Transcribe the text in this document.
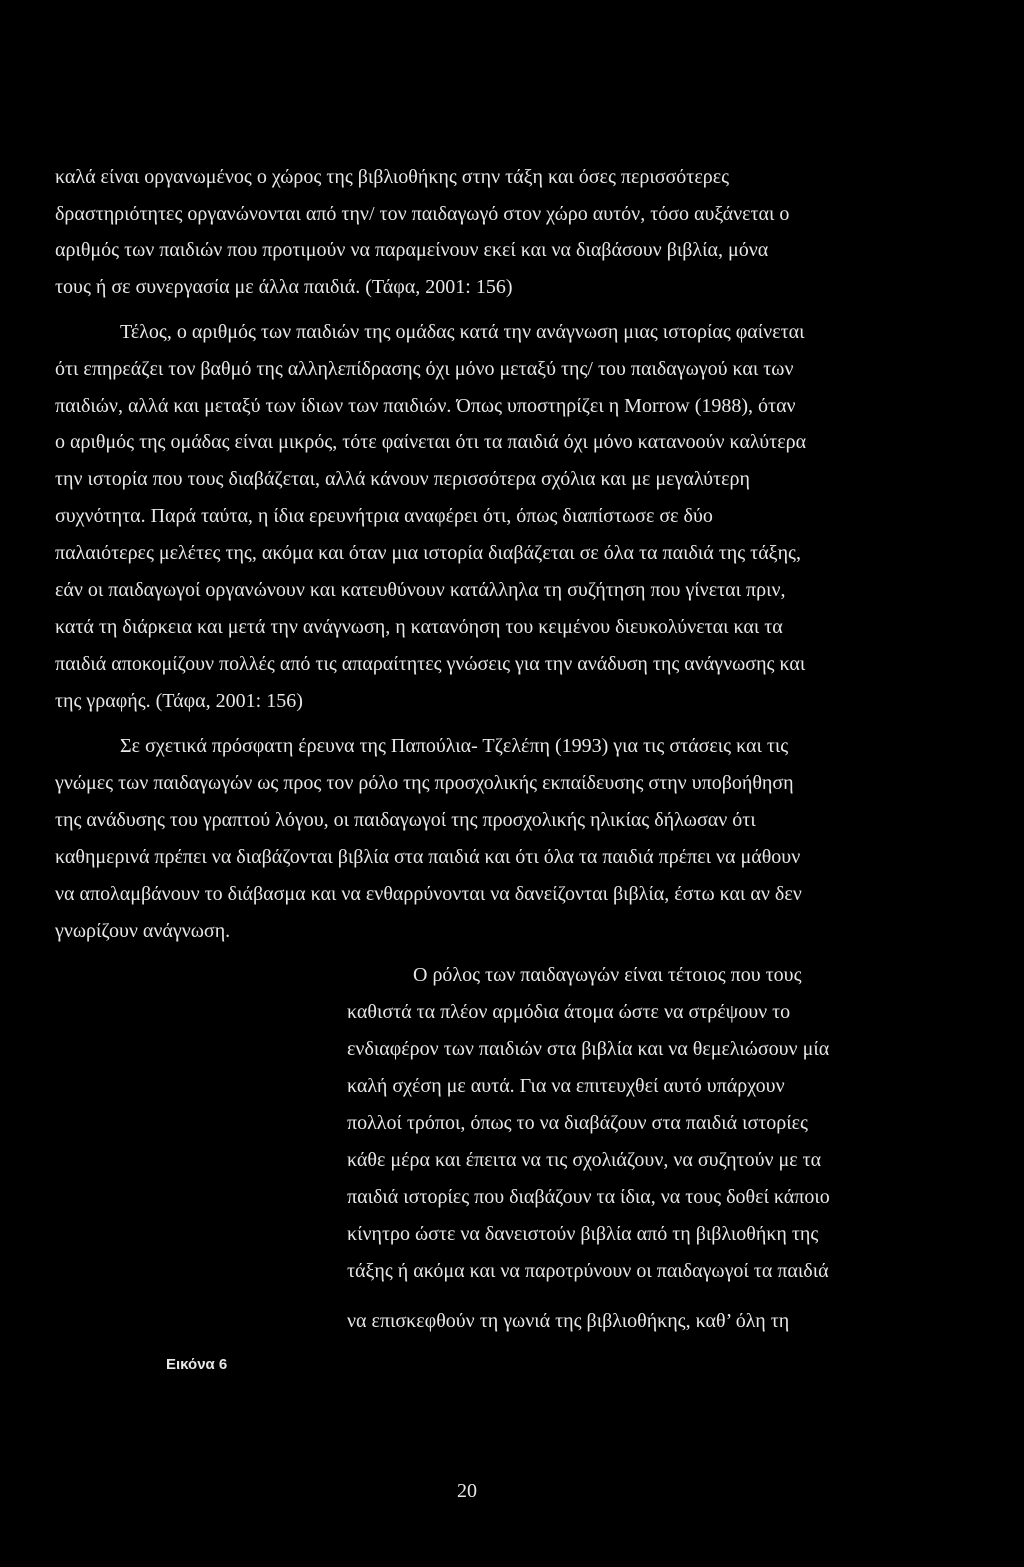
καλά είναι οργανωμένος ο χώρος της βιβλιοθήκης στην τάξη και όσες περισσότερες
δραστηριότητες οργανώνονται από την/ τον παιδαγωγό στον χώρο αυτόν, τόσο αυξάνεται ο
αριθμός των παιδιών που προτιμούν να παραμείνουν εκεί και να διαβάσουν βιβλία, μόνα
τους ή σε συνεργασία με άλλα παιδιά. (Τάφα, 2001: 156)
Τέλος, ο αριθμός των παιδιών της ομάδας κατά την ανάγνωση μιας ιστορίας φαίνεται
ότι επηρεάζει τον βαθμό της αλληλεπίδρασης όχι μόνο μεταξύ της/ του παιδαγωγού και των
παιδιών, αλλά και μεταξύ των ίδιων των παιδιών. Όπως υποστηρίζει η Morrow (1988), όταν
ο αριθμός της ομάδας είναι μικρός, τότε φαίνεται ότι τα παιδιά όχι μόνο κατανοούν καλύτερα
την ιστορία που τους διαβάζεται, αλλά κάνουν περισσότερα σχόλια και με μεγαλύτερη
συχνότητα. Παρά ταύτα, η ίδια ερευνήτρια αναφέρει ότι, όπως διαπίστωσε σε δύο
παλαιότερες μελέτες της, ακόμα και όταν μια ιστορία διαβάζεται σε όλα τα παιδιά της τάξης,
εάν οι παιδαγωγοί οργανώνουν και κατευθύνουν κατάλληλα τη συζήτηση που γίνεται πριν,
κατά τη διάρκεια και μετά την ανάγνωση, η κατανόηση του κειμένου διευκολύνεται και τα
παιδιά αποκομίζουν πολλές από τις απαραίτητες γνώσεις για την ανάδυση της ανάγνωσης και
της γραφής. (Τάφα, 2001: 156)
Σε σχετικά πρόσφατη έρευνα της Παπούλια- Τζελέπη (1993) για τις στάσεις και τις
γνώμες των παιδαγωγών ως προς τον ρόλο της προσχολικής εκπαίδευσης στην υποβοήθηση
της ανάδυσης του γραπτού λόγου, οι παιδαγωγοί της προσχολικής ηλικίας δήλωσαν ότι
καθημερινά πρέπει να διαβάζονται βιβλία στα παιδιά και ότι όλα τα παιδιά πρέπει να μάθουν
να απολαμβάνουν το διάβασμα και να ενθαρρύνονται να δανείζονται βιβλία, έστω και αν δεν
γνωρίζουν ανάγνωση.
Ο ρόλος των παιδαγωγών είναι τέτοιος που τους
καθιστά τα πλέον αρμόδια άτομα ώστε να στρέψουν το
ενδιαφέρον των παιδιών στα βιβλία και να θεμελιώσουν μία
καλή σχέση με αυτά. Για να επιτευχθεί αυτό υπάρχουν
πολλοί τρόποι, όπως το να διαβάζουν στα παιδιά ιστορίες
κάθε μέρα και έπειτα να τις σχολιάζουν, να συζητούν με τα
παιδιά ιστορίες που διαβάζουν τα ίδια, να τους δοθεί κάποιο
κίνητρο ώστε να δανειστούν βιβλία από τη βιβλιοθήκη της
τάξης ή ακόμα και να παροτρύνουν οι παιδαγωγοί τα παιδιά
να επισκεφθούν τη γωνιά της βιβλιοθήκης, καθ’ όλη τη
Εικόνα 6
20
